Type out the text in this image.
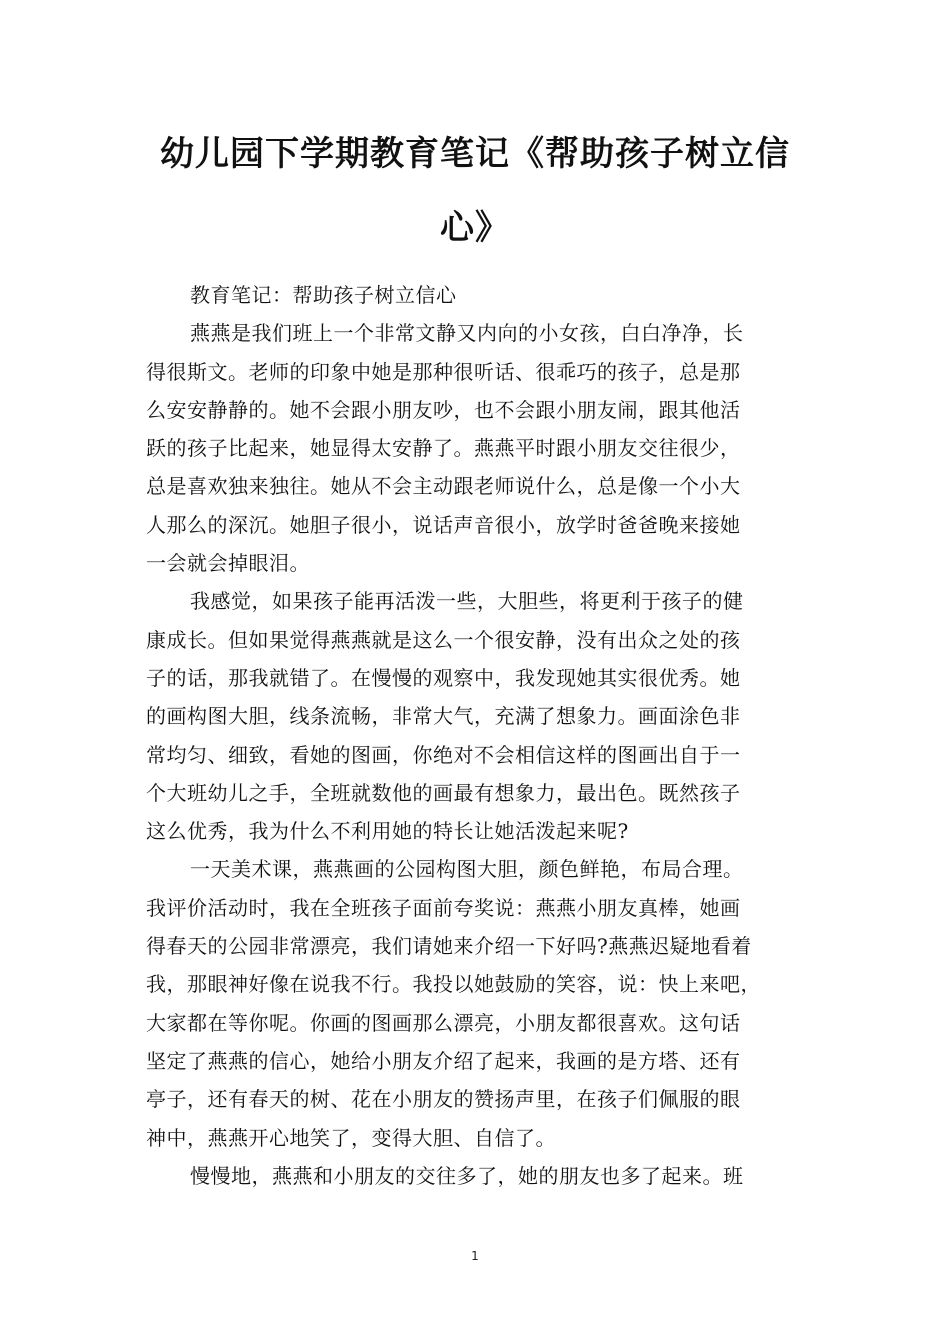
幼儿园下学期教育笔记《帮助孩子树立信
心》
教育笔记：帮助孩子树立信心
燕燕是我们班上一个非常文静又内向的小女孩，白白净净，长
得很斯文。老师的印象中她是那种很听话、很乖巧的孩子，总是那
么安安静静的。她不会跟小朋友吵，也不会跟小朋友闹，跟其他活
跃的孩子比起来，她显得太安静了。燕燕平时跟小朋友交往很少，
总是喜欢独来独往。她从不会主动跟老师说什么，总是像一个小大
人那么的深沉。她胆子很小，说话声音很小，放学时爸爸晚来接她
一会就会掉眼泪。
我感觉，如果孩子能再活泼一些，大胆些，将更利于孩子的健
康成长。但如果觉得燕燕就是这么一个很安静，没有出众之处的孩
子的话，那我就错了。在慢慢的观察中，我发现她其实很优秀。她
的画构图大胆，线条流畅，非常大气，充满了想象力。画面涂色非
常均匀、细致，看她的图画，你绝对不会相信这样的图画出自于一
个大班幼儿之手，全班就数他的画最有想象力，最出色。既然孩子
这么优秀，我为什么不利用她的特长让她活泼起来呢?
一天美术课，燕燕画的公园构图大胆，颜色鲜艳，布局合理。
我评价活动时，我在全班孩子面前夸奖说：燕燕小朋友真棒，她画
得春天的公园非常漂亮，我们请她来介绍一下好吗?燕燕迟疑地看着
我，那眼神好像在说我不行。我投以她鼓励的笑容，说：快上来吧，
大家都在等你呢。你画的图画那么漂亮，小朋友都很喜欢。这句话
坚定了燕燕的信心，她给小朋友介绍了起来，我画的是方塔、还有
亭子，还有春天的树、花在小朋友的赞扬声里，在孩子们佩服的眼
神中，燕燕开心地笑了，变得大胆、自信了。
慢慢地，燕燕和小朋友的交往多了，她的朋友也多了起来。班
1
